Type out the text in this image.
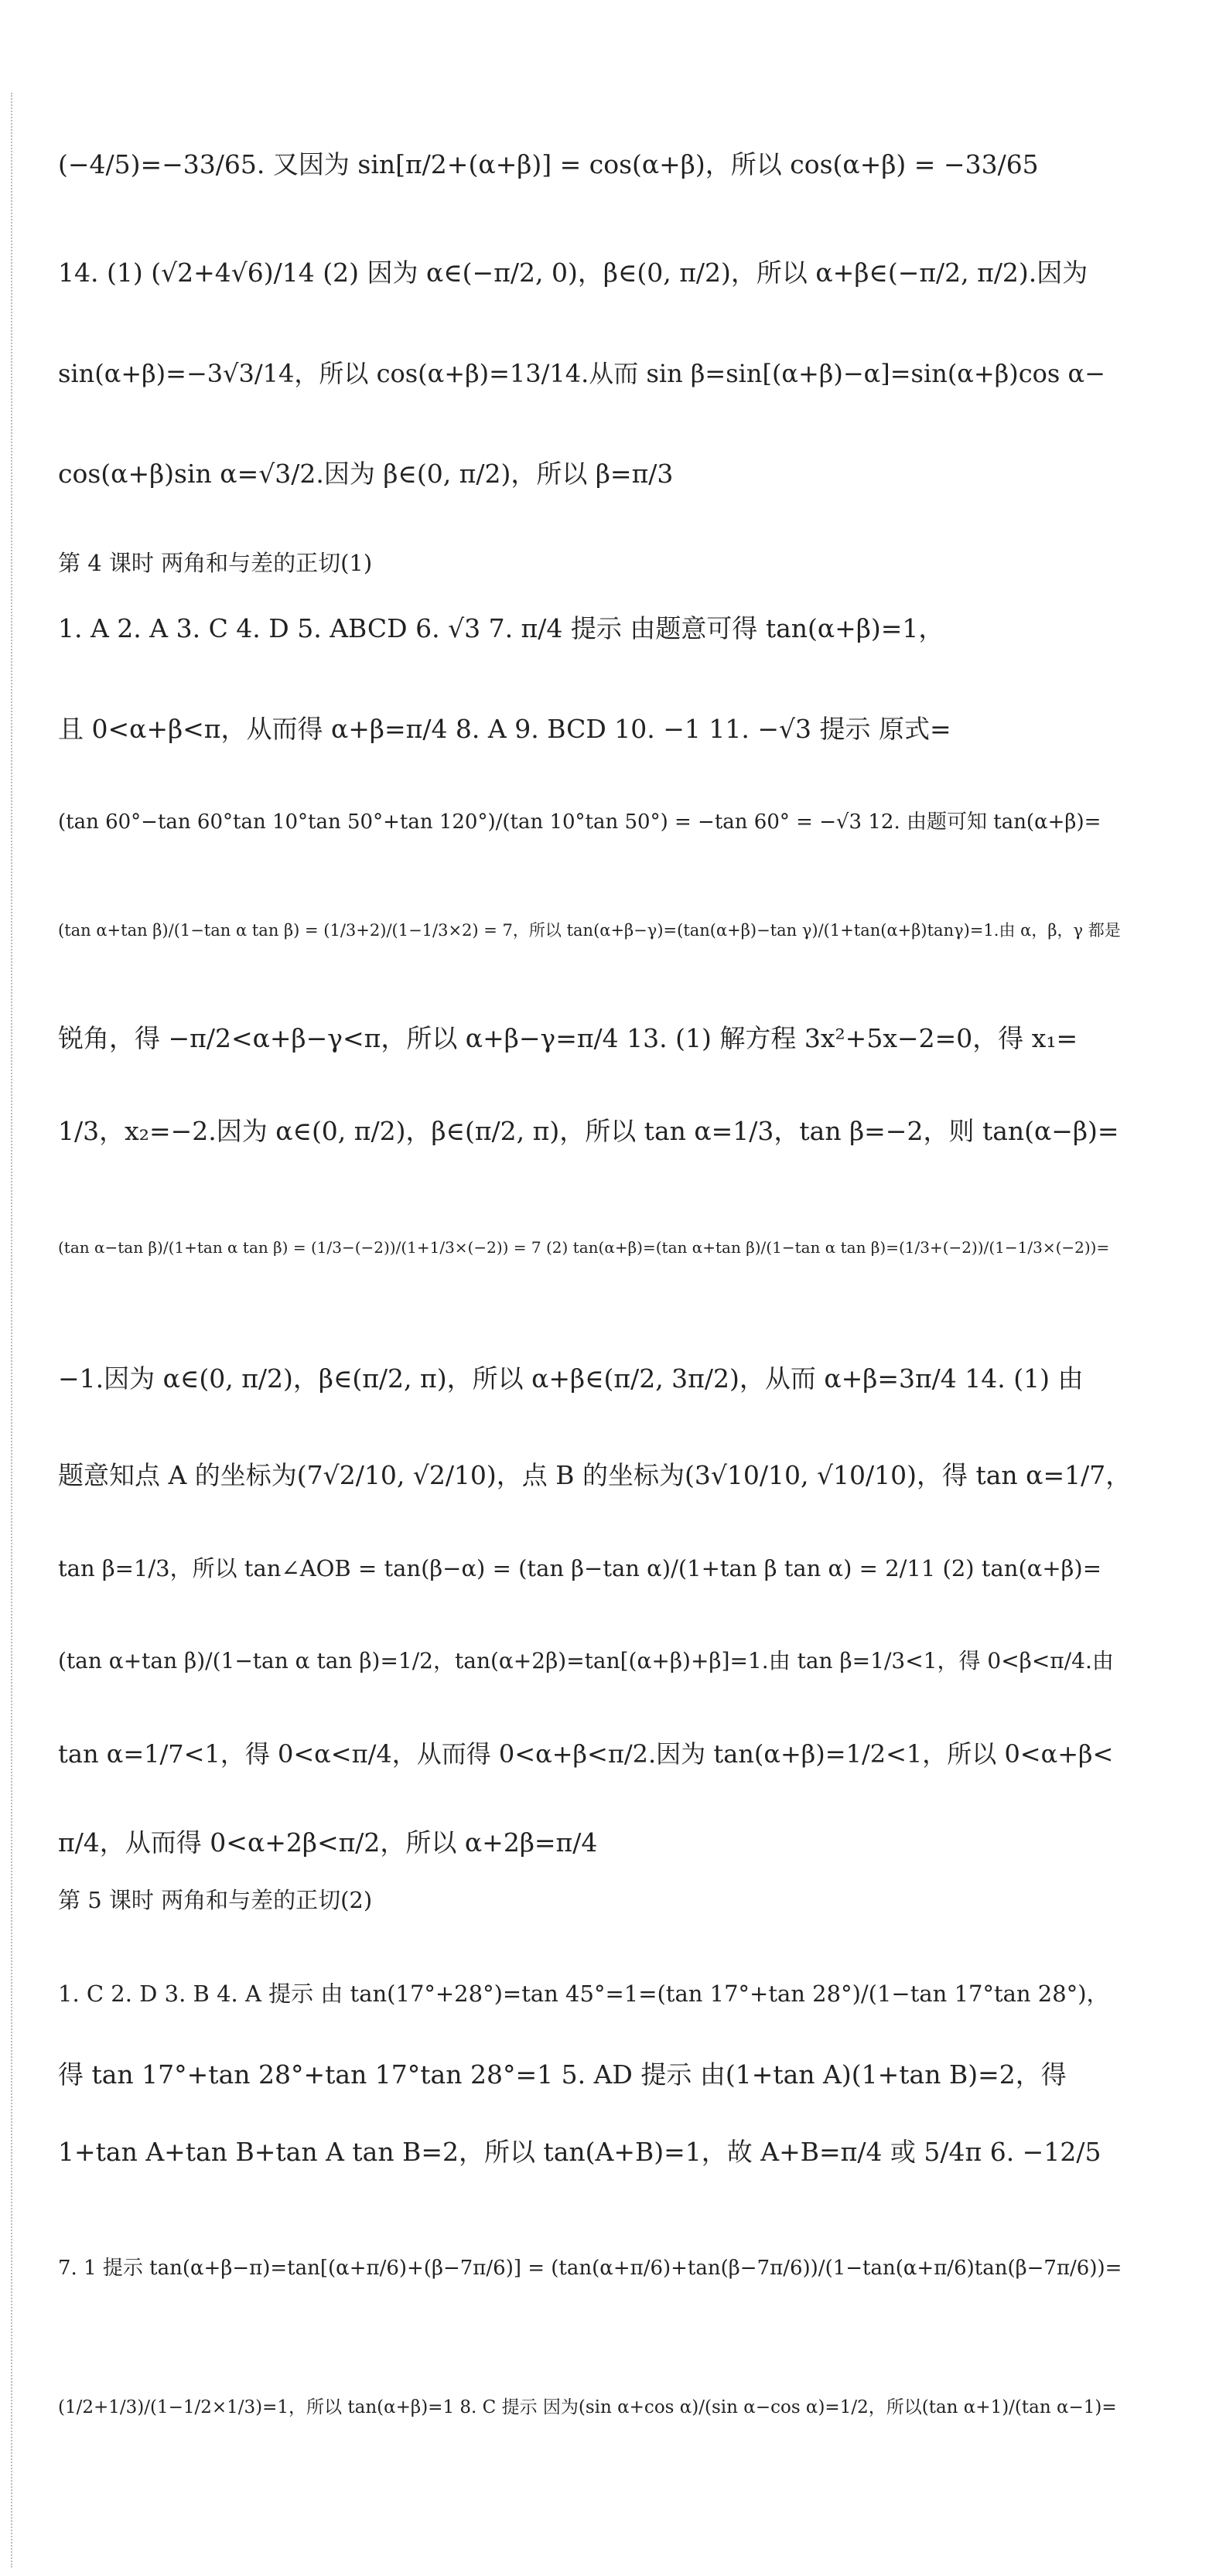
第 4 课时 两角和与差的正切(1)
第 5 课时 两角和与差的正切(2)
(−4/5)=−33/65. 又因为 sin[π/2+(α+β)] = cos(α+β)，所以 cos(α+β) = −33/65
14. (1) (√2+4√6)/14 (2) 因为 α∈(−π/2, 0)，β∈(0, π/2)，所以 α+β∈(−π/2, π/2).因为
sin(α+β)=−3√3/14，所以 cos(α+β)=13/14.从而 sin β=sin[(α+β)−α]=sin(α+β)cos α−
cos(α+β)sin α=√3/2.因为 β∈(0, π/2)，所以 β=π/3
1. A 2. A 3. C 4. D 5. ABCD 6. √3 7. π/4 提示 由题意可得 tan(α+β)=1，
且 0<α+β<π，从而得 α+β=π/4 8. A 9. BCD 10. −1 11. −√3 提示 原式=
(tan 60°−tan 60°tan 10°tan 50°+tan 120°)/(tan 10°tan 50°) = −tan 60° = −√3 12. 由题可知 tan(α+β)=
(tan α+tan β)/(1−tan α tan β) = (1/3+2)/(1−1/3×2) = 7，所以 tan(α+β−γ)=(tan(α+β)−tan γ)/(1+tan(α+β)tanγ)=1.由 α，β，γ 都是
锐角，得 −π/2<α+β−γ<π，所以 α+β−γ=π/4 13. (1) 解方程 3x²+5x−2=0，得 x₁=
1/3，x₂=−2.因为 α∈(0, π/2)，β∈(π/2, π)，所以 tan α=1/3，tan β=−2，则 tan(α−β)=
(tan α−tan β)/(1+tan α tan β) = (1/3−(−2))/(1+1/3×(−2)) = 7 (2) tan(α+β)=(tan α+tan β)/(1−tan α tan β)=(1/3+(−2))/(1−1/3×(−2))=
−1.因为 α∈(0, π/2)，β∈(π/2, π)，所以 α+β∈(π/2, 3π/2)，从而 α+β=3π/4 14. (1) 由
题意知点 A 的坐标为(7√2/10, √2/10)，点 B 的坐标为(3√10/10, √10/10)，得 tan α=1/7，
tan β=1/3，所以 tan∠AOB = tan(β−α) = (tan β−tan α)/(1+tan β tan α) = 2/11 (2) tan(α+β)=
(tan α+tan β)/(1−tan α tan β)=1/2，tan(α+2β)=tan[(α+β)+β]=1.由 tan β=1/3<1，得 0<β<π/4.由
tan α=1/7<1，得 0<α<π/4，从而得 0<α+β<π/2.因为 tan(α+β)=1/2<1，所以 0<α+β<
π/4，从而得 0<α+2β<π/2，所以 α+2β=π/4
1. C 2. D 3. B 4. A 提示 由 tan(17°+28°)=tan 45°=1=(tan 17°+tan 28°)/(1−tan 17°tan 28°)，
得 tan 17°+tan 28°+tan 17°tan 28°=1 5. AD 提示 由(1+tan A)(1+tan B)=2，得
1+tan A+tan B+tan A tan B=2，所以 tan(A+B)=1，故 A+B=π/4 或 5/4π 6. −12/5
7. 1 提示 tan(α+β−π)=tan[(α+π/6)+(β−7π/6)] = (tan(α+π/6)+tan(β−7π/6))/(1−tan(α+π/6)tan(β−7π/6))=
(1/2+1/3)/(1−1/2×1/3)=1，所以 tan(α+β)=1 8. C 提示 因为(sin α+cos α)/(sin α−cos α)=1/2，所以(tan α+1)/(tan α−1)=
